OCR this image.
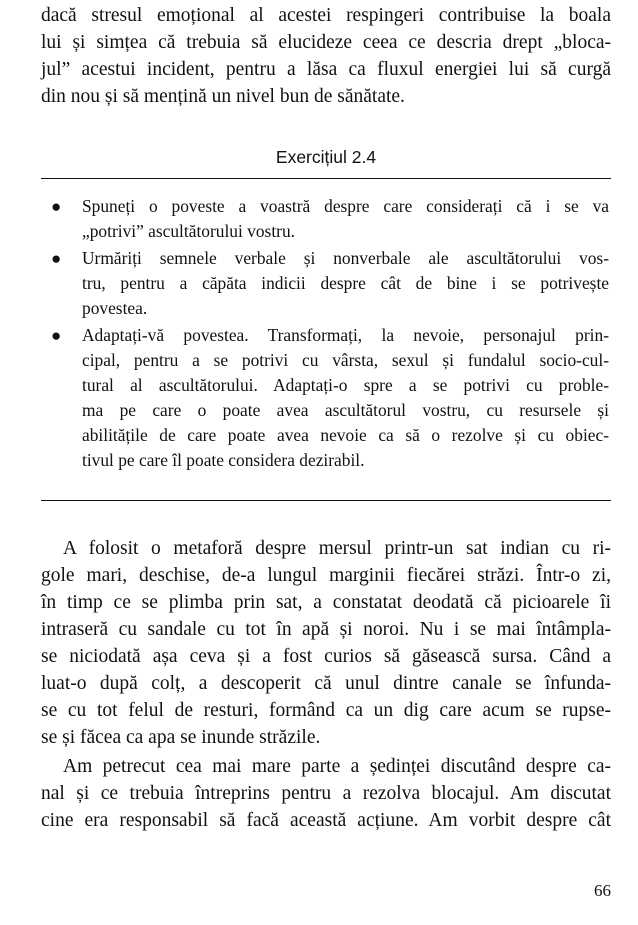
dacă stresul emoțional al acestei respingeri contribuise la boala
lui și simțea că trebuia să elucideze ceea ce descria drept „bloca-
jul” acestui incident, pentru a lăsa ca fluxul energiei lui să curgă
din nou și să mențină un nivel bun de sănătate.
Exercițiul 2.4
● Spuneți o poveste a voastră despre care considerați că i se va
„potrivi” ascultătorului vostru.
● Urmăriți semnele verbale și nonverbale ale ascultătorului vos-
tru, pentru a căpăta indicii despre cât de bine i se potrivește
povestea.
● Adaptați-vă povestea. Transformați, la nevoie, personajul prin-
cipal, pentru a se potrivi cu vârsta, sexul și fundalul socio-cul-
tural al ascultătorului. Adaptați-o spre a se potrivi cu proble-
ma pe care o poate avea ascultătorul vostru, cu resursele și
abilitățile de care poate avea nevoie ca să o rezolve și cu obiec-
tivul pe care îl poate considera dezirabil.
A folosit o metaforă despre mersul printr-un sat indian cu ri-
gole mari, deschise, de-a lungul marginii fiecărei străzi. Într-o zi,
în timp ce se plimba prin sat, a constatat deodată că picioarele îi
intraseră cu sandale cu tot în apă și noroi. Nu i se mai întâmpla-
se niciodată așa ceva și a fost curios să găsească sursa. Când a
luat-o după colț, a descoperit că unul dintre canale se înfunda-
se cu tot felul de resturi, formând ca un dig care acum se rupse-
se și făcea ca apa se inunde străzile.
Am petrecut cea mai mare parte a ședinței discutând despre ca-
nal și ce trebuia întreprins pentru a rezolva blocajul. Am discutat
cine era responsabil să facă această acțiune. Am vorbit despre cât
66
